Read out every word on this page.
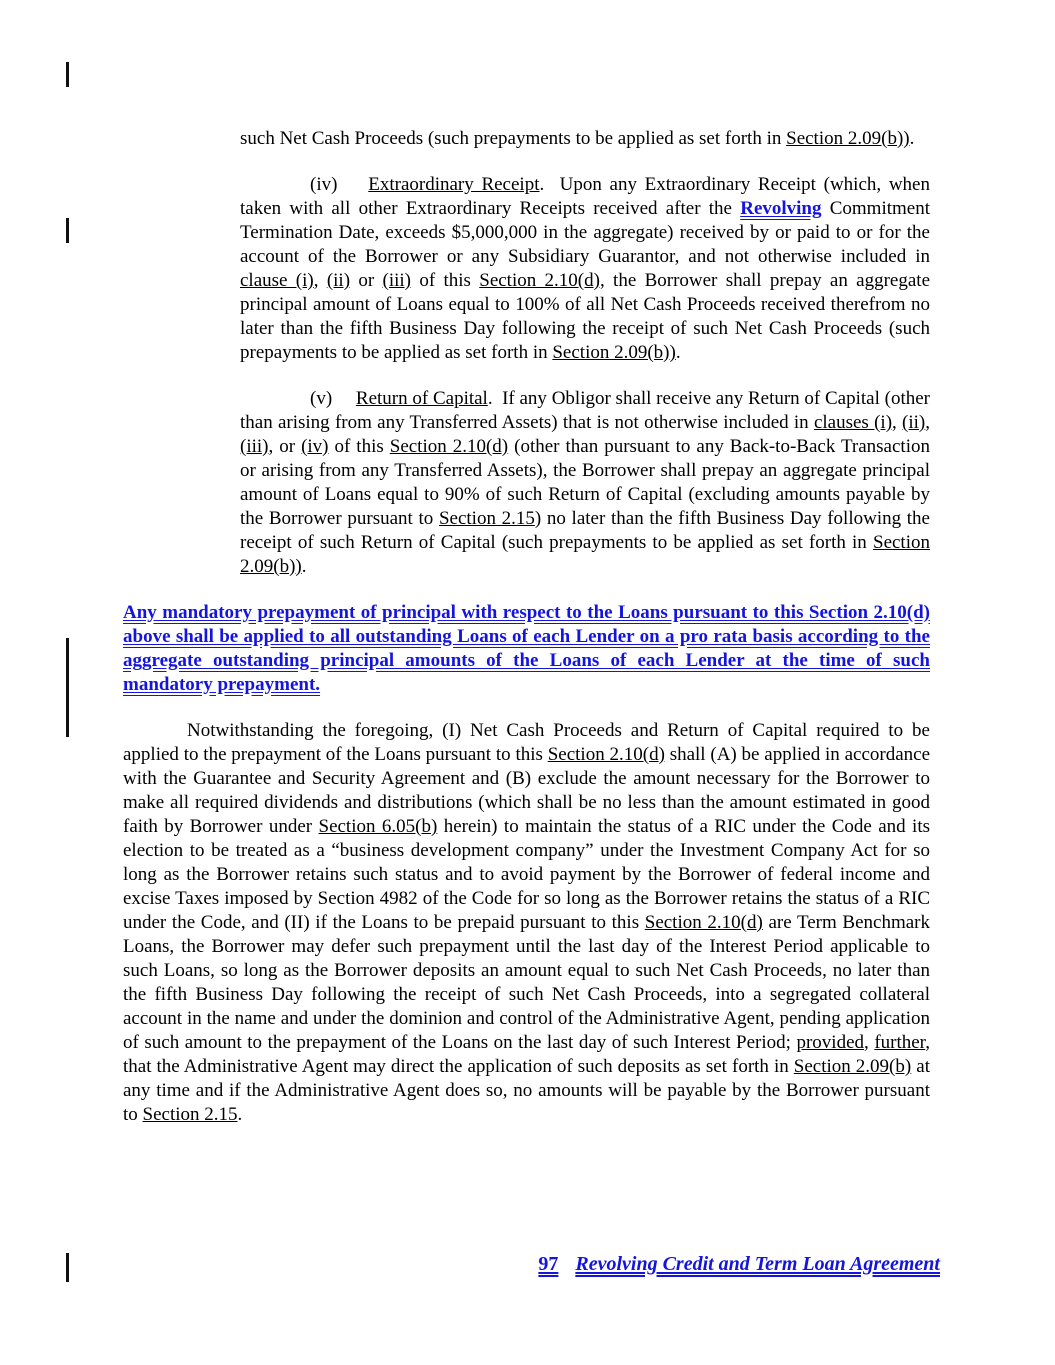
such Net Cash Proceeds (such prepayments to be applied as set forth in Section 2.09(b)).

(iv)    Extraordinary Receipt.  Upon any Extraordinary Receipt (which, when taken with all other Extraordinary Receipts received after the Revolving Commitment Termination Date, exceeds $5,000,000 in the aggregate) received by or paid to or for the account of the Borrower or any Subsidiary Guarantor, and not otherwise included in clause (i), (ii) or (iii) of this Section 2.10(d), the Borrower shall prepay an aggregate principal amount of Loans equal to 100% of all Net Cash Proceeds received therefrom no later than the fifth Business Day following the receipt of such Net Cash Proceeds (such prepayments to be applied as set forth in Section 2.09(b)).

(v)     Return of Capital.  If any Obligor shall receive any Return of Capital (other than arising from any Transferred Assets) that is not otherwise included in clauses (i), (ii), (iii), or (iv) of this Section 2.10(d) (other than pursuant to any Back-to-Back Transaction or arising from any Transferred Assets), the Borrower shall prepay an aggregate principal amount of Loans equal to 90% of such Return of Capital (excluding amounts payable by the Borrower pursuant to Section 2.15) no later than the fifth Business Day following the receipt of such Return of Capital (such prepayments to be applied as set forth in Section 2.09(b)).

Any mandatory prepayment of principal with respect to the Loans pursuant to this Section 2.10(d) above shall be applied to all outstanding Loans of each Lender on a pro rata basis according to the aggregate outstanding principal amounts of the Loans of each Lender at the time of such mandatory prepayment.

Notwithstanding the foregoing, (I) Net Cash Proceeds and Return of Capital required to be applied to the prepayment of the Loans pursuant to this Section 2.10(d) shall (A) be applied in accordance with the Guarantee and Security Agreement and (B) exclude the amount necessary for the Borrower to make all required dividends and distributions (which shall be no less than the amount estimated in good faith by Borrower under Section 6.05(b) herein) to maintain the status of a RIC under the Code and its election to be treated as a “business development company” under the Investment Company Act for so long as the Borrower retains such status and to avoid payment by the Borrower of federal income and excise Taxes imposed by Section 4982 of the Code for so long as the Borrower retains the status of a RIC under the Code, and (II) if the Loans to be prepaid pursuant to this Section 2.10(d) are Term Benchmark Loans, the Borrower may defer such prepayment until the last day of the Interest Period applicable to such Loans, so long as the Borrower deposits an amount equal to such Net Cash Proceeds, no later than the fifth Business Day following the receipt of such Net Cash Proceeds, into a segregated collateral account in the name and under the dominion and control of the Administrative Agent, pending application of such amount to the prepayment of the Loans on the last day of such Interest Period; provided, further, that the Administrative Agent may direct the application of such deposits as set forth in Section 2.09(b) at any time and if the Administrative Agent does so, no amounts will be payable by the Borrower pursuant to Section 2.15.

97 Revolving Credit and Term Loan Agreement
